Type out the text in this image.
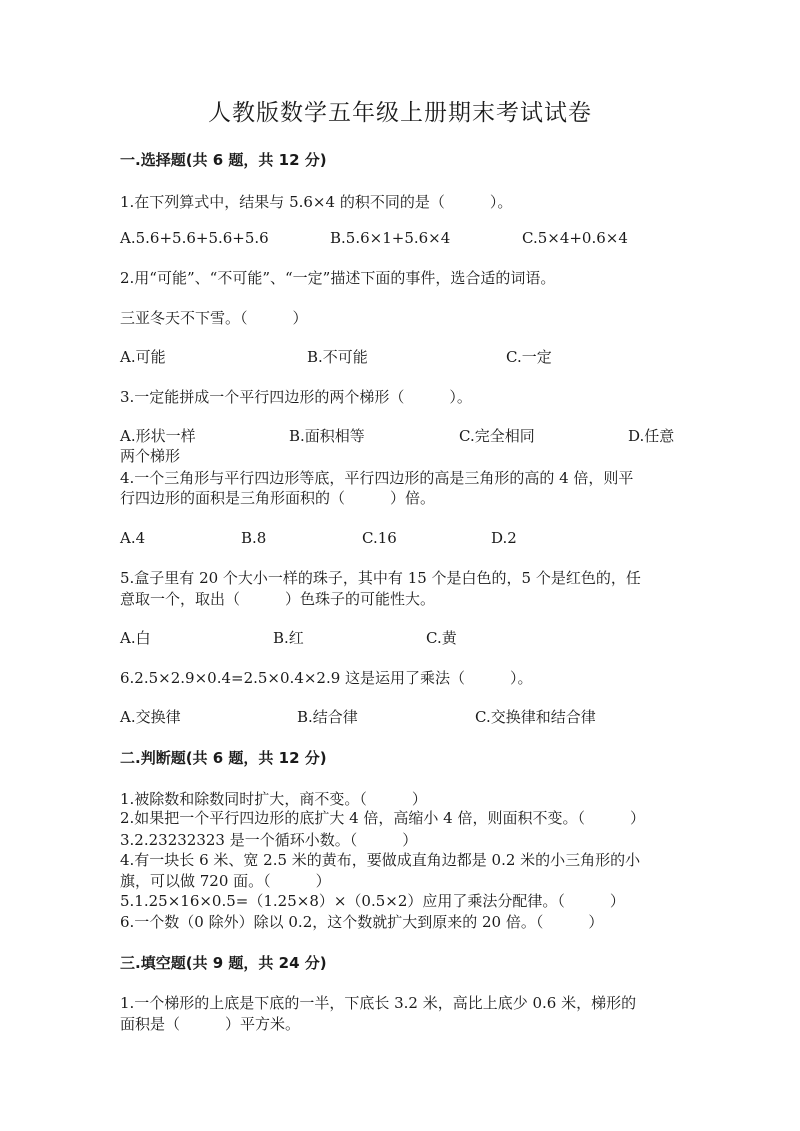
人教版数学五年级上册期末考试试卷
一.选择题(共 6 题，共 12 分)
1.在下列算式中，结果与 5.6×4 的积不同的是（　　　）。
A.5.6+5.6+5.6+5.6	B.5.6×1+5.6×4	C.5×4+0.6×4
2.用“可能”、“不可能”、“一定”描述下面的事件，选合适的词语。
三亚冬天不下雪。（　　　）
A.可能	B.不可能	C.一定
3.一定能拼成一个平行四边形的两个梯形（　　　）。
A.形状一样	B.面积相等	C.完全相同	D.任意
两个梯形
4.一个三角形与平行四边形等底，平行四边形的高是三角形的高的 4 倍，则平
行四边形的面积是三角形面积的（　　　）倍。
A.4	B.8	C.16	D.2
5.盒子里有 20 个大小一样的珠子，其中有 15 个是白色的，5 个是红色的，任
意取一个，取出（　　　）色珠子的可能性大。
A.白	B.红	C.黄
6.2.5×2.9×0.4=2.5×0.4×2.9 这是运用了乘法（　　　）。
A.交换律	B.结合律	C.交换律和结合律
二.判断题(共 6 题，共 12 分)
1.被除数和除数同时扩大，商不变。（　　　）
2.如果把一个平行四边形的底扩大 4 倍，高缩小 4 倍，则面积不变。（　　　）
3.2.23232323 是一个循环小数。（　　　）
4.有一块长 6 米、宽 2.5 米的黄布，要做成直角边都是 0.2 米的小三角形的小
旗，可以做 720 面。（　　　）
5.1.25×16×0.5=（1.25×8）×（0.5×2）应用了乘法分配律。（　　　）
6.一个数（0 除外）除以 0.2，这个数就扩大到原来的 20 倍。（　　　）
三.填空题(共 9 题，共 24 分)
1.一个梯形的上底是下底的一半，下底长 3.2 米，高比上底少 0.6 米，梯形的
面积是（　　　）平方米。
